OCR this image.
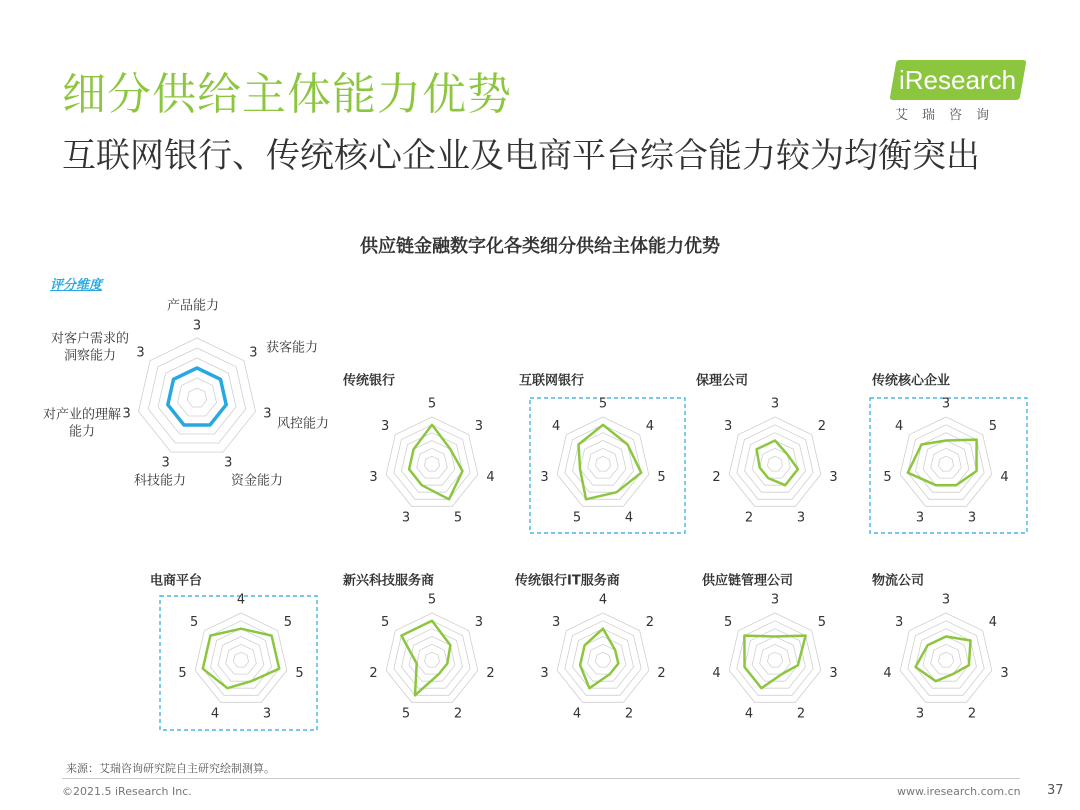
细分供给主体能力优势
互联网银行、传统核心企业及电商平台综合能力较为均衡突出
iResearch
艾瑞咨询
供应链金融数字化各类细分供给主体能力优势
评分维度
3
3
3
3
3
3
3
产品能力
获客能力
风控能力
资金能力
科技能力
对产业的理解
能力
对客户需求的
洞察能力
传统银行
5
3
4
5
3
3
3
互联网银行
5
4
5
4
5
3
4
保理公司
3
2
3
3
2
2
3
传统核心企业
3
5
4
3
3
5
4
电商平台
4
5
5
3
4
5
5
新兴科技服务商
5
3
2
2
5
2
5
传统银行IT服务商
4
2
2
2
4
3
3
供应链管理公司
3
5
3
2
4
4
5
物流公司
3
4
3
2
3
4
3
来源：艾瑞咨询研究院自主研究绘制测算。
©2021.5 iResearch Inc.	www.iresearch.com.cn 37
